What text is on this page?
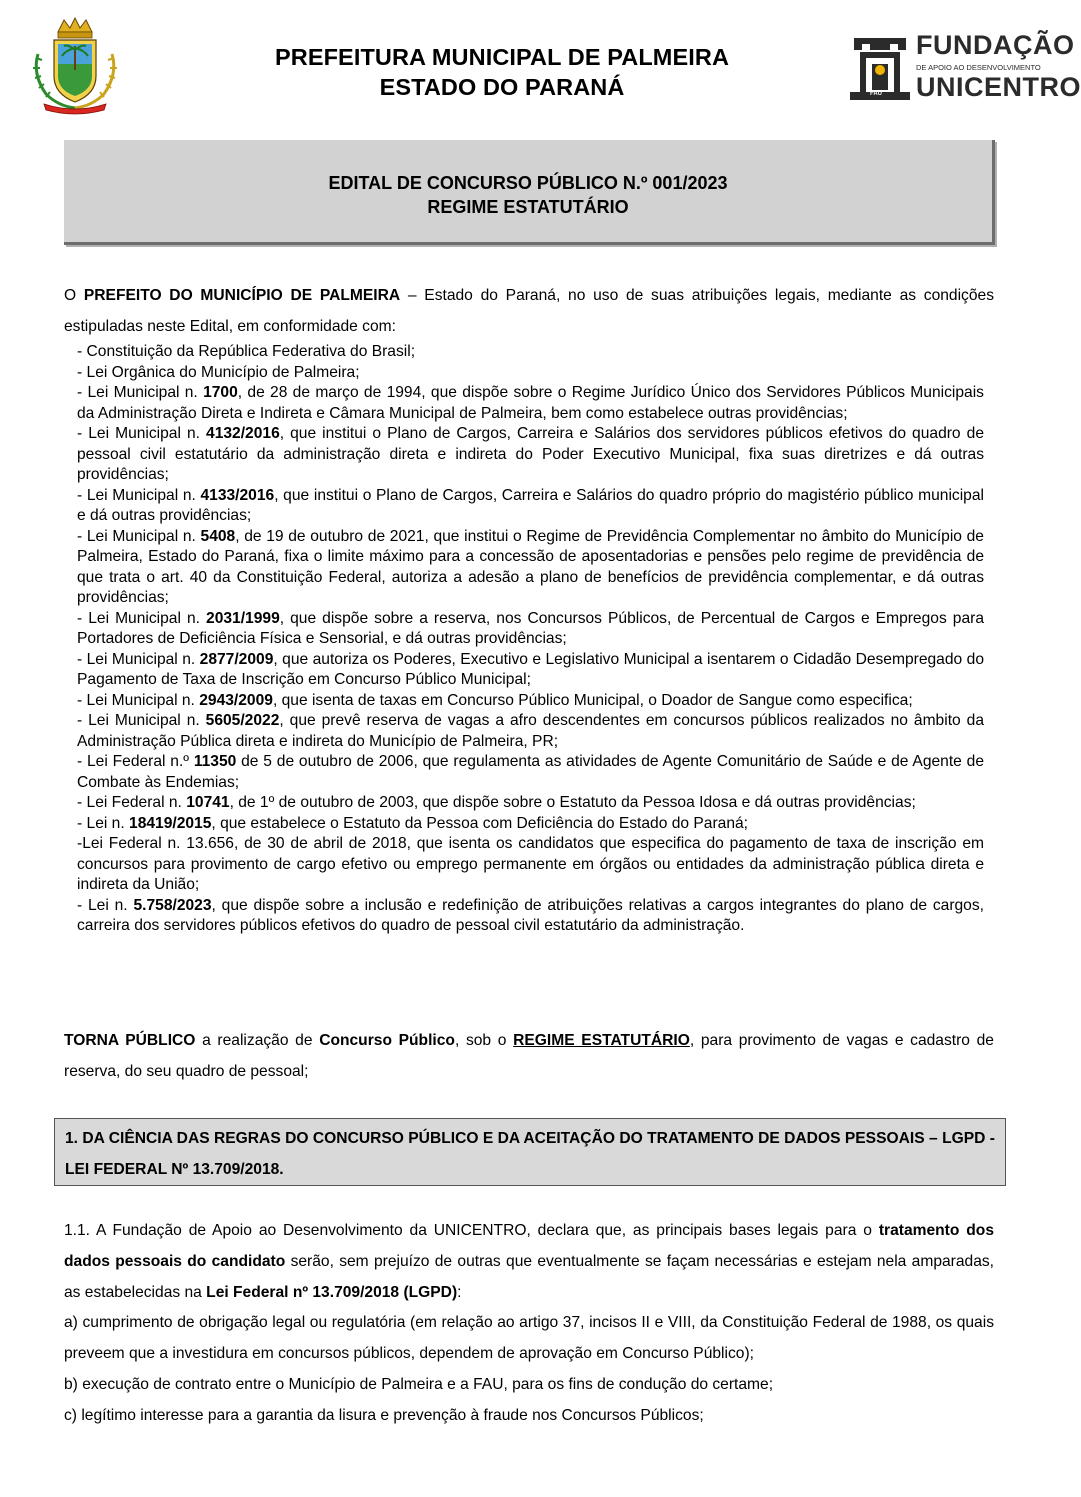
PREFEITURA MUNICIPAL DE PALMEIRA
ESTADO DO PARANÁ
FUNDAÇÃO
DE APOIO AO DESENVOLVIMENTO
UNICENTRO
FAU
EDITAL DE CONCURSO PÚBLICO N.º 001/2023
REGIME ESTATUTÁRIO
O PREFEITO DO MUNICÍPIO DE PALMEIRA – Estado do Paraná, no uso de suas atribuições legais, mediante as condições estipuladas neste Edital, em conformidade com:
- Constituição da República Federativa do Brasil;
- Lei Orgânica do Município de Palmeira;
- Lei Municipal n. 1700, de 28 de março de 1994, que dispõe sobre o Regime Jurídico Único dos Servidores Públicos Municipais da Administração Direta e Indireta e Câmara Municipal de Palmeira, bem como estabelece outras providências;
- Lei Municipal n. 4132/2016, que institui o Plano de Cargos, Carreira e Salários dos servidores públicos efetivos do quadro de pessoal civil estatutário da administração direta e indireta do Poder Executivo Municipal, fixa suas diretrizes e dá outras providências;
- Lei Municipal n. 4133/2016, que institui o Plano de Cargos, Carreira e Salários do quadro próprio do magistério público municipal e dá outras providências;
- Lei Municipal n. 5408, de 19 de outubro de 2021, que institui o Regime de Previdência Complementar no âmbito do Município de Palmeira, Estado do Paraná, fixa o limite máximo para a concessão de aposentadorias e pensões pelo regime de previdência de que trata o art. 40 da Constituição Federal, autoriza a adesão a plano de benefícios de previdência complementar, e dá outras providências;
- Lei Municipal n. 2031/1999, que dispõe sobre a reserva, nos Concursos Públicos, de Percentual de Cargos e Empregos para Portadores de Deficiência Física e Sensorial, e dá outras providências;
- Lei Municipal n. 2877/2009, que autoriza os Poderes, Executivo e Legislativo Municipal a isentarem o Cidadão Desempregado do Pagamento de Taxa de Inscrição em Concurso Público Municipal;
- Lei Municipal n. 2943/2009, que isenta de taxas em Concurso Público Municipal, o Doador de Sangue como especifica;
- Lei Municipal n. 5605/2022, que prevê reserva de vagas a afro descendentes em concursos públicos realizados no âmbito da Administração Pública direta e indireta do Município de Palmeira, PR;
- Lei Federal n.º 11350 de 5 de outubro de 2006, que regulamenta as atividades de Agente Comunitário de Saúde e de Agente de Combate às Endemias;
- Lei Federal n. 10741, de 1º de outubro de 2003, que dispõe sobre o Estatuto da Pessoa Idosa e dá outras providências;
- Lei n. 18419/2015, que estabelece o Estatuto da Pessoa com Deficiência do Estado do Paraná;
-Lei Federal n. 13.656, de 30 de abril de 2018, que isenta os candidatos que especifica do pagamento de taxa de inscrição em concursos para provimento de cargo efetivo ou emprego permanente em órgãos ou entidades da administração pública direta e indireta da União;
- Lei n. 5.758/2023, que dispõe sobre a inclusão e redefinição de atribuições relativas a cargos integrantes do plano de cargos, carreira dos servidores públicos efetivos do quadro de pessoal civil estatutário da administração.
TORNA PÚBLICO a realização de Concurso Público, sob o REGIME ESTATUTÁRIO, para provimento de vagas e cadastro de reserva, do seu quadro de pessoal;
1. DA CIÊNCIA DAS REGRAS DO CONCURSO PÚBLICO E DA ACEITAÇÃO DO TRATAMENTO DE DADOS PESSOAIS – LGPD - LEI FEDERAL Nº 13.709/2018.
1.1. A Fundação de Apoio ao Desenvolvimento da UNICENTRO, declara que, as principais bases legais para o tratamento dos dados pessoais do candidato serão, sem prejuízo de outras que eventualmente se façam necessárias e estejam nela amparadas, as estabelecidas na Lei Federal nº 13.709/2018 (LGPD):
a) cumprimento de obrigação legal ou regulatória (em relação ao artigo 37, incisos II e VIII, da Constituição Federal de 1988, os quais preveem que a investidura em concursos públicos, dependem de aprovação em Concurso Público);
b) execução de contrato entre o Município de Palmeira e a FAU, para os fins de condução do certame;
c) legítimo interesse para a garantia da lisura e prevenção à fraude nos Concursos Públicos;
